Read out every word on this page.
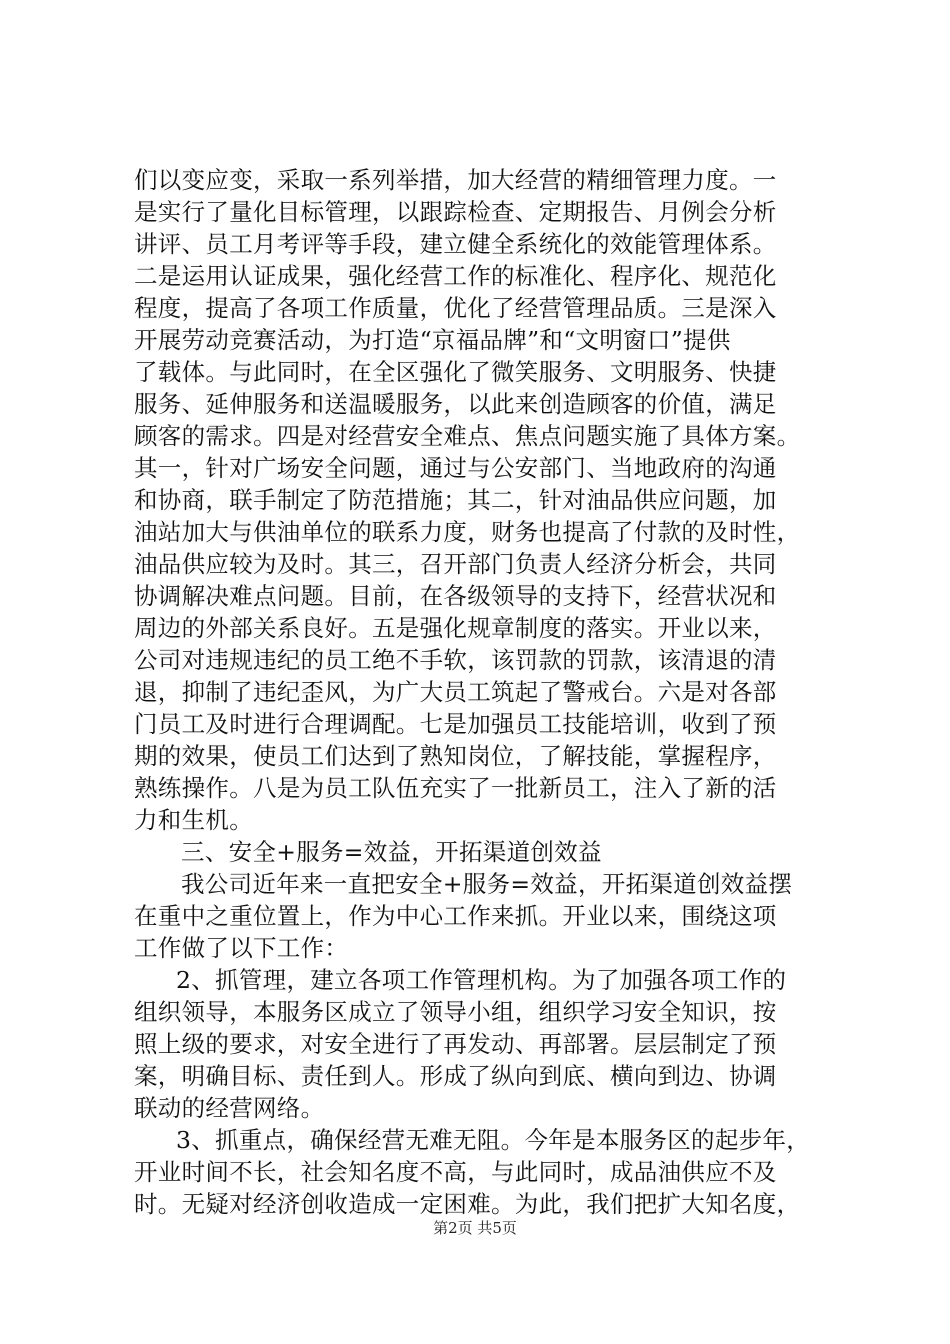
们以变应变，采取一系列举措，加大经营的精细管理力度。一
是实行了量化目标管理，以跟踪检查、定期报告、月例会分析
讲评、员工月考评等手段，建立健全系统化的效能管理体系。
二是运用认证成果，强化经营工作的标准化、程序化、规范化
程度，提高了各项工作质量，优化了经营管理品质。三是深入
开展劳动竞赛活动，为打造“京福品牌”和“文明窗口”提供
了载体。与此同时，在全区强化了微笑服务、文明服务、快捷
服务、延伸服务和送温暖服务，以此来创造顾客的价值，满足
顾客的需求。四是对经营安全难点、焦点问题实施了具体方案。
其一，针对广场安全问题，通过与公安部门、当地政府的沟通
和协商，联手制定了防范措施；其二，针对油品供应问题，加
油站加大与供油单位的联系力度，财务也提高了付款的及时性，
油品供应较为及时。其三，召开部门负责人经济分析会，共同
协调解决难点问题。目前，在各级领导的支持下，经营状况和
周边的外部关系良好。五是强化规章制度的落实。开业以来，
公司对违规违纪的员工绝不手软，该罚款的罚款，该清退的清
退，抑制了违纪歪风，为广大员工筑起了警戒台。六是对各部
门员工及时进行合理调配。七是加强员工技能培训，收到了预
期的效果，使员工们达到了熟知岗位，了解技能，掌握程序，
熟练操作。八是为员工队伍充实了一批新员工，注入了新的活
力和生机。
三、安全+服务=效益，开拓渠道创效益
我公司近年来一直把安全+服务=效益，开拓渠道创效益摆
在重中之重位置上，作为中心工作来抓。开业以来，围绕这项
工作做了以下工作：
2、抓管理，建立各项工作管理机构。为了加强各项工作的
组织领导，本服务区成立了领导小组，组织学习安全知识，按
照上级的要求，对安全进行了再发动、再部署。层层制定了预
案，明确目标、责任到人。形成了纵向到底、横向到边、协调
联动的经营网络。
3、抓重点，确保经营无难无阻。今年是本服务区的起步年，
开业时间不长，社会知名度不高，与此同时，成品油供应不及
时。无疑对经济创收造成一定困难。为此，我们把扩大知名度，
第2页 共5页
